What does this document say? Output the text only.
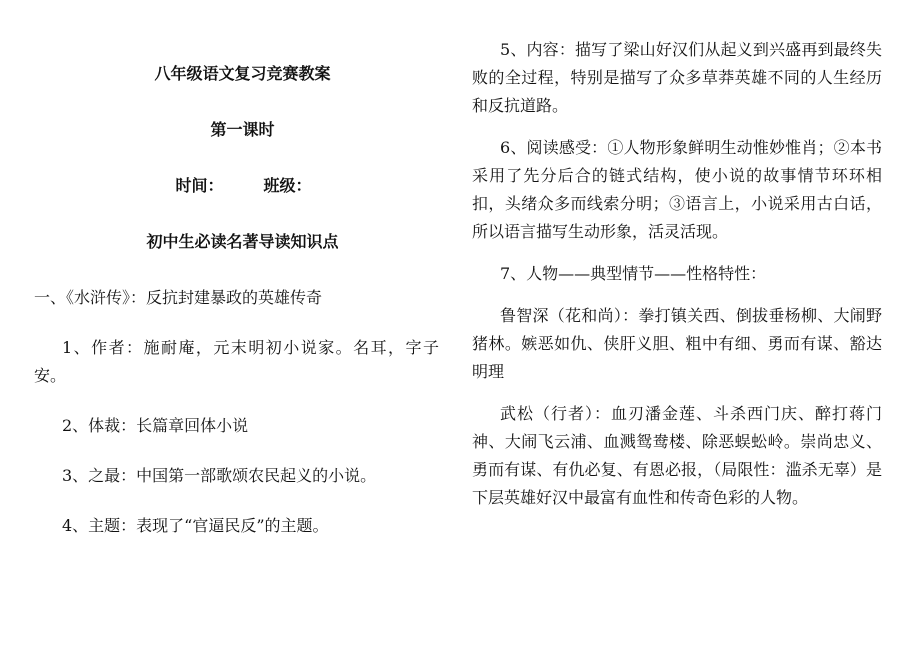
八年级语文复习竞赛教案

第一课时

时间：	班级：

初中生必读名著导读知识点

一、《水浒传》：反抗封建暴政的英雄传奇

1、作者：施耐庵，元末明初小说家。名耳，字子安。

2、体裁：长篇章回体小说

3、之最：中国第一部歌颂农民起义的小说。

4、主题：表现了“官逼民反”的主题。

5、内容：描写了梁山好汉们从起义到兴盛再到最终失败的全过程，特别是描写了众多草莽英雄不同的人生经历和反抗道路。

6、阅读感受：①人物形象鲜明生动惟妙惟肖；②本书采用了先分后合的链式结构，使小说的故事情节环环相扣，头绪众多而线索分明；③语言上，小说采用古白话，所以语言描写生动形象，活灵活现。

7、人物——典型情节——性格特性：

鲁智深（花和尚）：拳打镇关西、倒拔垂杨柳、大闹野猪林。嫉恶如仇、侠肝义胆、粗中有细、勇而有谋、豁达明理

武松（行者）：血刃潘金莲、斗杀西门庆、醉打蒋门神、大闹飞云浦、血溅鸳鸯楼、除恶蜈蚣岭。崇尚忠义、勇而有谋、有仇必复、有恩必报，（局限性：滥杀无辜）是下层英雄好汉中最富有血性和传奇色彩的人物。
